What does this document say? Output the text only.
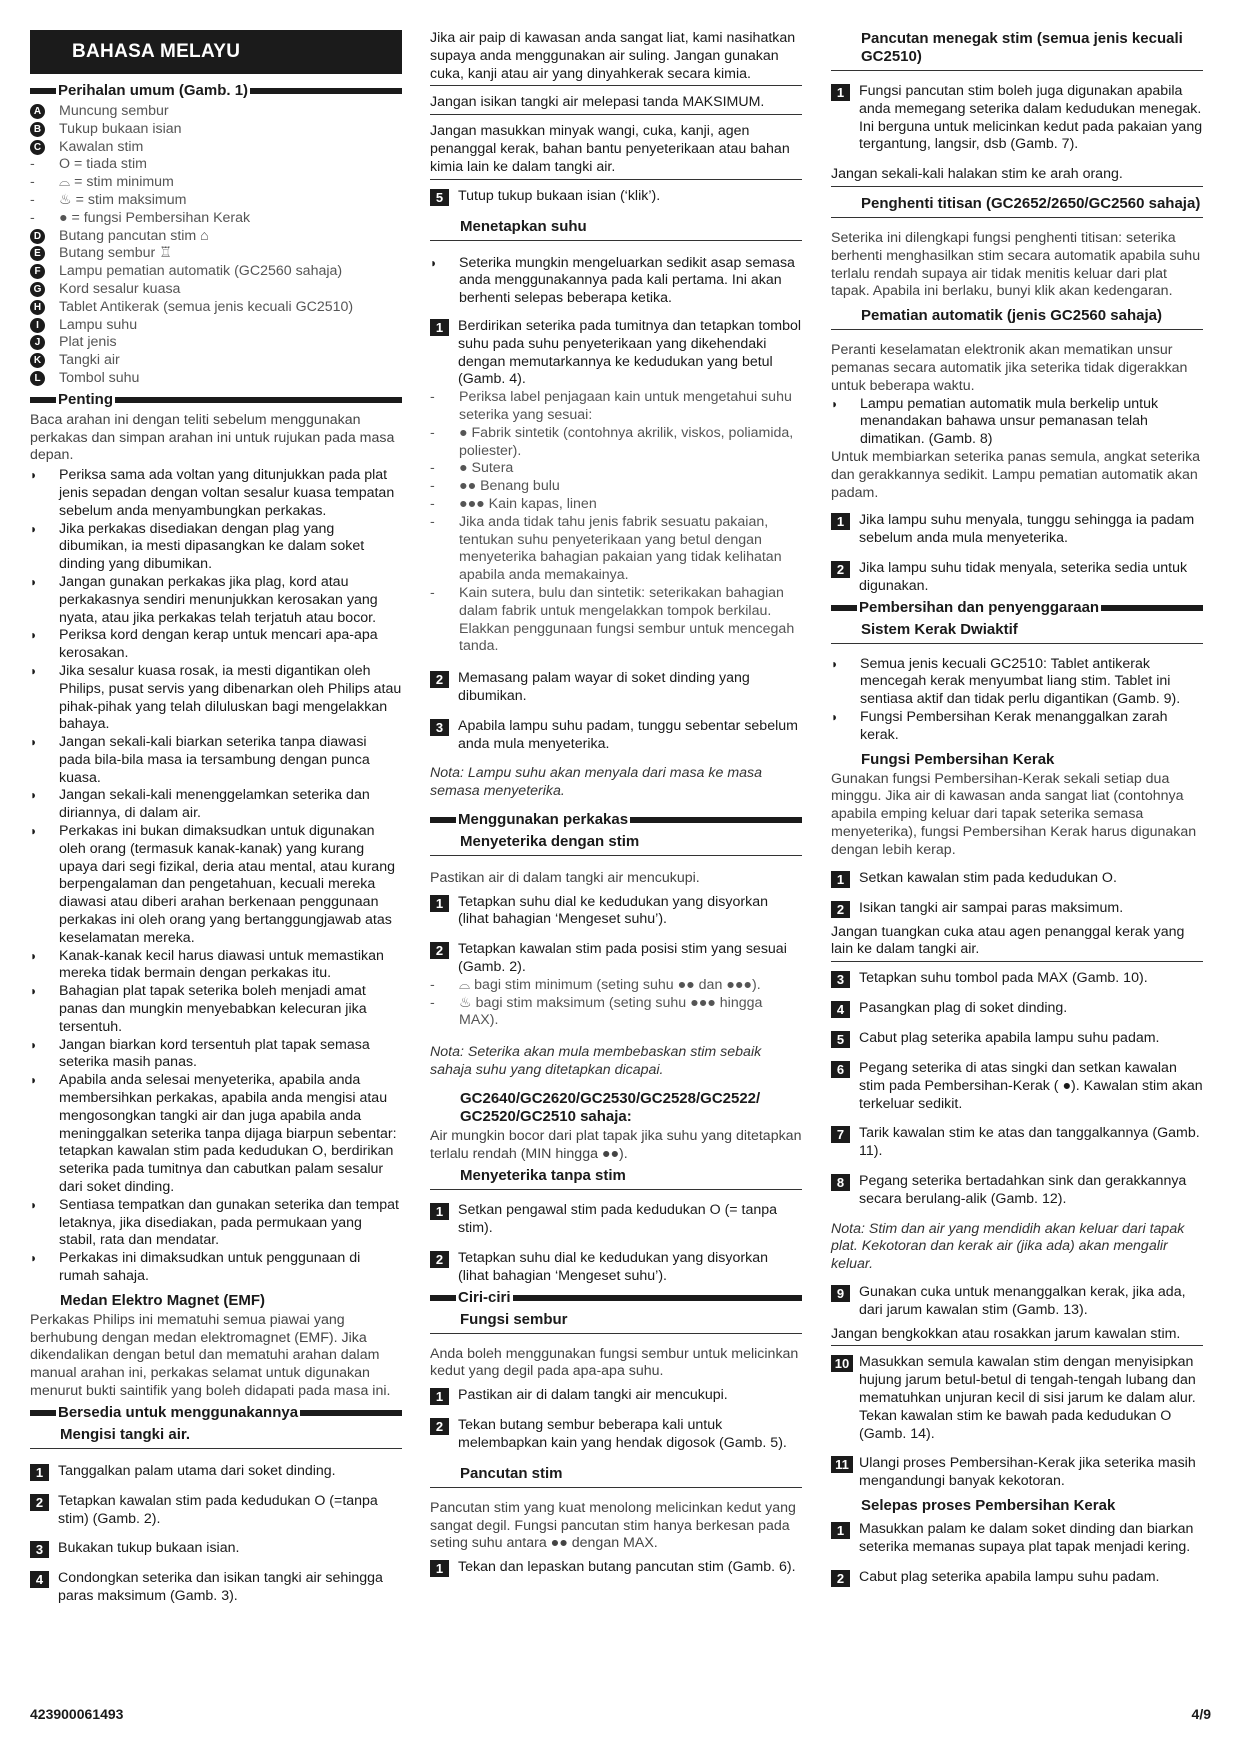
BAHASA MELAYU
Perihalan umum (Gamb. 1)
A Muncung sembur
B Tukup bukaan isian
C Kawalan stim
-	O = tiada stim
-	⌓ = stim minimum
-	♨ = stim maksimum
-	● = fungsi Pembersihan Kerak
D Butang pancutan stim ⌂
E Butang sembur ♖
F	Lampu pematian automatik (GC2560 sahaja)
G Kord sesalur kuasa
H Tablet Antikerak (semua jenis kecuali GC2510)
I	Lampu suhu
J	Plat jenis
K Tangki air
L	Tombol suhu
Penting
Baca arahan ini dengan teliti sebelum menggunakan perkakas dan simpan arahan ini untuk rujukan pada masa depan.
◗	Periksa sama ada voltan yang ditunjukkan pada plat jenis sepadan dengan voltan sesalur kuasa tempatan sebelum anda menyambungkan perkakas.
◗	Jika perkakas disediakan dengan plag yang dibumikan, ia mesti dipasangkan ke dalam soket dinding yang dibumikan.
◗	Jangan gunakan perkakas jika plag, kord atau perkakasnya sendiri menunjukkan kerosakan yang nyata, atau jika perkakas telah terjatuh atau bocor.
◗	Periksa kord dengan kerap untuk mencari apa-apa kerosakan.
◗	Jika sesalur kuasa rosak, ia mesti digantikan oleh Philips, pusat servis yang dibenarkan oleh Philips atau pihak-pihak yang telah diluluskan bagi mengelakkan bahaya.
◗	Jangan sekali-kali biarkan seterika tanpa diawasi pada bila-bila masa ia tersambung dengan punca kuasa.
◗	Jangan sekali-kali menenggelamkan seterika dan diriannya, di dalam air.
◗	Perkakas ini bukan dimaksudkan untuk digunakan oleh orang (termasuk kanak-kanak) yang kurang upaya dari segi fizikal, deria atau mental, atau kurang berpengalaman dan pengetahuan, kecuali mereka diawasi atau diberi arahan berkenaan penggunaan perkakas ini oleh orang yang bertanggungjawab atas keselamatan mereka.
◗	Kanak-kanak kecil harus diawasi untuk memastikan mereka tidak bermain dengan perkakas itu.
◗	Bahagian plat tapak seterika boleh menjadi amat panas dan mungkin menyebabkan kelecuran jika tersentuh.
◗	Jangan biarkan kord tersentuh plat tapak semasa seterika masih panas.
◗	Apabila anda selesai menyeterika, apabila anda membersihkan perkakas, apabila anda mengisi atau mengosongkan tangki air dan juga apabila anda meninggalkan seterika tanpa dijaga biarpun sebentar: tetapkan kawalan stim pada kedudukan O, berdirikan seterika pada tumitnya dan cabutkan palam sesalur dari soket dinding.
◗	Sentiasa tempatkan dan gunakan seterika dan tempat letaknya, jika disediakan, pada permukaan yang stabil, rata dan mendatar.
◗	Perkakas ini dimaksudkan untuk penggunaan di rumah sahaja.
Medan Elektro Magnet (EMF)
Perkakas Philips ini mematuhi semua piawai yang berhubung dengan medan elektromagnet (EMF). Jika dikendalikan dengan betul dan mematuhi arahan dalam manual arahan ini, perkakas selamat untuk digunakan menurut bukti saintifik yang boleh didapati pada masa ini.
Bersedia untuk menggunakannya
Mengisi tangki air.
1	Tanggalkan palam utama dari soket dinding.
2	Tetapkan kawalan stim pada kedudukan O (=tanpa stim) (Gamb. 2).
3	Bukakan tukup bukaan isian.
4	Condongkan seterika dan isikan tangki air sehingga paras maksimum (Gamb. 3).
Jika air paip di kawasan anda sangat liat, kami nasihatkan supaya anda menggunakan air suling. Jangan gunakan cuka, kanji atau air yang dinyahkerak secara kimia.
Jangan isikan tangki air melepasi tanda MAKSIMUM.
Jangan masukkan minyak wangi, cuka, kanji, agen penanggal kerak, bahan bantu penyeterikaan atau bahan kimia lain ke dalam tangki air.
5	Tutup tukup bukaan isian (‘klik’).
Menetapkan suhu
◗	Seterika mungkin mengeluarkan sedikit asap semasa anda menggunakannya pada kali pertama. Ini akan berhenti selepas beberapa ketika.
1	Berdirikan seterika pada tumitnya dan tetapkan tombol suhu pada suhu penyeterikaan yang dikehendaki dengan memutarkannya ke kedudukan yang betul (Gamb. 4).
-	Periksa label penjagaan kain untuk mengetahui suhu seterika yang sesuai:
-	● Fabrik sintetik (contohnya akrilik, viskos, poliamida, poliester).
-	● Sutera
-	●● Benang bulu
-	●●● Kain kapas, linen
-	Jika anda tidak tahu jenis fabrik sesuatu pakaian, tentukan suhu penyeterikaan yang betul dengan menyeterika bahagian pakaian yang tidak kelihatan apabila anda memakainya.
-	Kain sutera, bulu dan sintetik: seterikakan bahagian dalam fabrik untuk mengelakkan tompok berkilau. Elakkan penggunaan fungsi sembur untuk mencegah tanda.
2	Memasang palam wayar di soket dinding yang dibumikan.
3	Apabila lampu suhu padam, tunggu sebentar sebelum anda mula menyeterika.
Nota: Lampu suhu akan menyala dari masa ke masa semasa menyeterika.
Menggunakan perkakas
Menyeterika dengan stim
Pastikan air di dalam tangki air mencukupi.
1	Tetapkan suhu dial ke kedudukan yang disyorkan (lihat bahagian ‘Mengeset suhu’).
2	Tetapkan kawalan stim pada posisi stim yang sesuai (Gamb. 2).
-	⌓ bagi stim minimum (seting suhu ●● dan ●●●).
-	♨ bagi stim maksimum (seting suhu ●●● hingga MAX).
Nota: Seterika akan mula membebaskan stim sebaik sahaja suhu yang ditetapkan dicapai.
GC2640/GC2620/GC2530/GC2528/GC2522/ GC2520/GC2510 sahaja:
Air mungkin bocor dari plat tapak jika suhu yang ditetapkan terlalu rendah (MIN hingga ●●).
Menyeterika tanpa stim
1	Setkan pengawal stim pada kedudukan O (= tanpa stim).
2	Tetapkan suhu dial ke kedudukan yang disyorkan (lihat bahagian ‘Mengeset suhu’).
Ciri-ciri
Fungsi sembur
Anda boleh menggunakan fungsi sembur untuk melicinkan kedut yang degil pada apa-apa suhu.
1	Pastikan air di dalam tangki air mencukupi.
2	Tekan butang sembur beberapa kali untuk melembapkan kain yang hendak digosok (Gamb. 5).
Pancutan stim
Pancutan stim yang kuat menolong melicinkan kedut yang sangat degil. Fungsi pancutan stim hanya berkesan pada seting suhu antara ●● dengan MAX.
1	Tekan dan lepaskan butang pancutan stim (Gamb. 6).
Pancutan menegak stim (semua jenis kecuali GC2510)
1	Fungsi pancutan stim boleh juga digunakan apabila anda memegang seterika dalam kedudukan menegak. Ini berguna untuk melicinkan kedut pada pakaian yang tergantung, langsir, dsb (Gamb. 7).
Jangan sekali-kali halakan stim ke arah orang.
Penghenti titisan (GC2652/2650/GC2560 sahaja)
Seterika ini dilengkapi fungsi penghenti titisan: seterika berhenti menghasilkan stim secara automatik apabila suhu terlalu rendah supaya air tidak menitis keluar dari plat tapak. Apabila ini berlaku, bunyi klik akan kedengaran.
Pematian automatik (jenis GC2560 sahaja)
Peranti keselamatan elektronik akan mematikan unsur pemanas secara automatik jika seterika tidak digerakkan untuk beberapa waktu.
◗	Lampu pematian automatik mula berkelip untuk menandakan bahawa unsur pemanasan telah dimatikan. (Gamb. 8)
Untuk membiarkan seterika panas semula, angkat seterika dan gerakkannya sedikit. Lampu pematian automatik akan padam.
1	Jika lampu suhu menyala, tunggu sehingga ia padam sebelum anda mula menyeterika.
2	Jika lampu suhu tidak menyala, seterika sedia untuk digunakan.
Pembersihan dan penyenggaraan
Sistem Kerak Dwiaktif
◗	Semua jenis kecuali GC2510: Tablet antikerak mencegah kerak menyumbat liang stim. Tablet ini sentiasa aktif dan tidak perlu digantikan (Gamb. 9).
◗	Fungsi Pembersihan Kerak menanggalkan zarah kerak.
Fungsi Pembersihan Kerak
Gunakan fungsi Pembersihan-Kerak sekali setiap dua minggu. Jika air di kawasan anda sangat liat (contohnya apabila emping keluar dari tapak seterika semasa menyeterika), fungsi Pembersihan Kerak harus digunakan dengan lebih kerap.
1	Setkan kawalan stim pada kedudukan O.
2	Isikan tangki air sampai paras maksimum.
Jangan tuangkan cuka atau agen penanggal kerak yang lain ke dalam tangki air.
3	Tetapkan suhu tombol pada MAX (Gamb. 10).
4	Pasangkan plag di soket dinding.
5	Cabut plag seterika apabila lampu suhu padam.
6	Pegang seterika di atas singki dan setkan kawalan stim pada Pembersihan-Kerak ( ●). Kawalan stim akan terkeluar sedikit.
7	Tarik kawalan stim ke atas dan tanggalkannya (Gamb. 11).
8	Pegang seterika bertadahkan sink dan gerakkannya secara berulang-alik (Gamb. 12).
Nota: Stim dan air yang mendidih akan keluar dari tapak plat. Kekotoran dan kerak air (jika ada) akan mengalir keluar.
9	Gunakan cuka untuk menanggalkan kerak, jika ada, dari jarum kawalan stim (Gamb. 13).
Jangan bengkokkan atau rosakkan jarum kawalan stim.
10 Masukkan semula kawalan stim dengan menyisipkan hujung jarum betul-betul di tengah-tengah lubang dan mematuhkan unjuran kecil di sisi jarum ke dalam alur. Tekan kawalan stim ke bawah pada kedudukan O (Gamb. 14).
11 Ulangi proses Pembersihan-Kerak jika seterika masih mengandungi banyak kekotoran.
Selepas proses Pembersihan Kerak
1	Masukkan palam ke dalam soket dinding dan biarkan seterika memanas supaya plat tapak menjadi kering.
2	Cabut plag seterika apabila lampu suhu padam.
423900061493	4/9
